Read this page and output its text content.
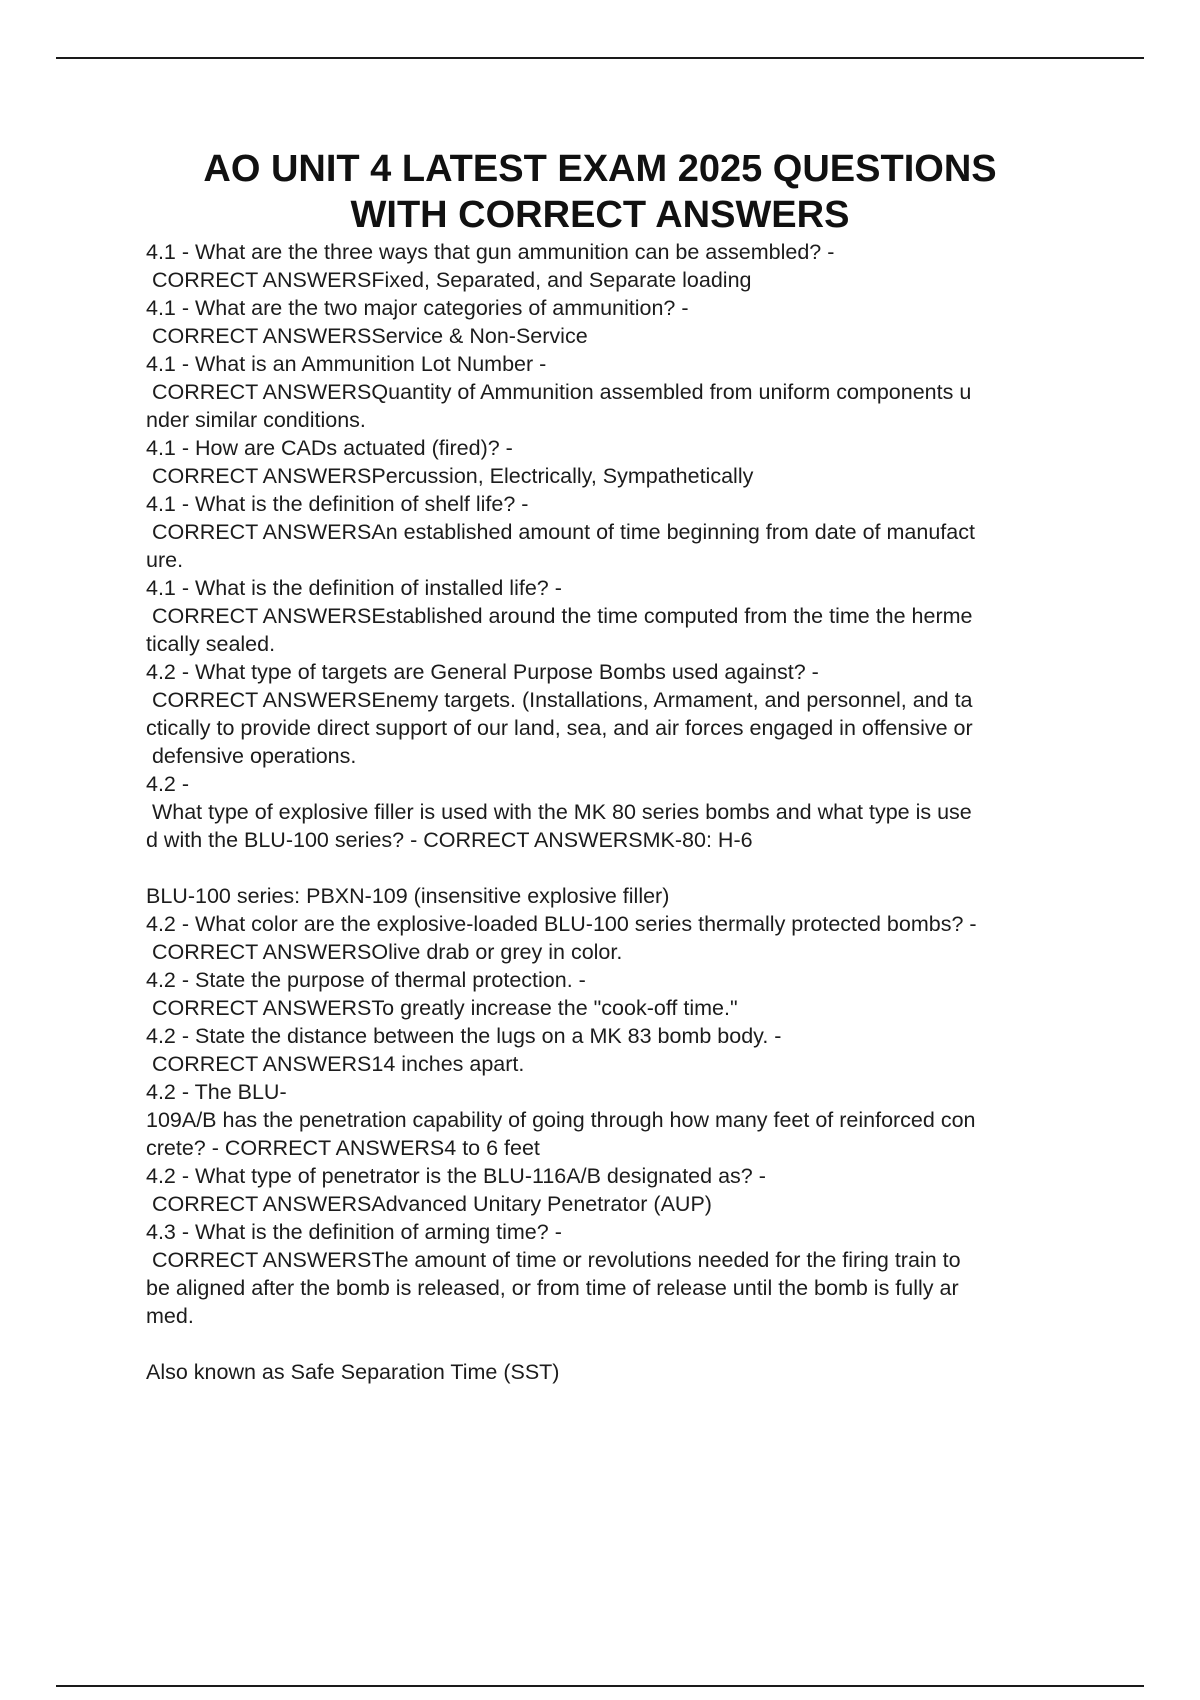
AO UNIT 4 LATEST EXAM 2025 QUESTIONS
WITH CORRECT ANSWERS
4.1 - What are the three ways that gun ammunition can be assembled? -
CORRECT ANSWERSFixed, Separated, and Separate loading
4.1 - What are the two major categories of ammunition? -
CORRECT ANSWERSService & Non-Service
4.1 - What is an Ammunition Lot Number -
CORRECT ANSWERSQuantity of Ammunition assembled from uniform components u
nder similar conditions.
4.1 - How are CADs actuated (fired)? -
CORRECT ANSWERSPercussion, Electrically, Sympathetically
4.1 - What is the definition of shelf life? -
CORRECT ANSWERSAn established amount of time beginning from date of manufact
ure.
4.1 - What is the definition of installed life? -
CORRECT ANSWERSEstablished around the time computed from the time the herme
tically sealed.
4.2 - What type of targets are General Purpose Bombs used against? -
CORRECT ANSWERSEnemy targets. (Installations, Armament, and personnel, and ta
ctically to provide direct support of our land, sea, and air forces engaged in offensive or
defensive operations.
4.2 -
What type of explosive filler is used with the MK 80 series bombs and what type is use
d with the BLU-100 series? - CORRECT ANSWERSMK-80: H-6
BLU-100 series: PBXN-109 (insensitive explosive filler)
4.2 - What color are the explosive-loaded BLU-100 series thermally protected bombs? -
CORRECT ANSWERSOlive drab or grey in color.
4.2 - State the purpose of thermal protection. -
CORRECT ANSWERSTo greatly increase the "cook-off time."
4.2 - State the distance between the lugs on a MK 83 bomb body. -
CORRECT ANSWERS14 inches apart.
4.2 - The BLU-
109A/B has the penetration capability of going through how many feet of reinforced con
crete? - CORRECT ANSWERS4 to 6 feet
4.2 - What type of penetrator is the BLU-116A/B designated as? -
CORRECT ANSWERSAdvanced Unitary Penetrator (AUP)
4.3 - What is the definition of arming time? -
CORRECT ANSWERSThe amount of time or revolutions needed for the firing train to
be aligned after the bomb is released, or from time of release until the bomb is fully ar
med.
Also known as Safe Separation Time (SST)
